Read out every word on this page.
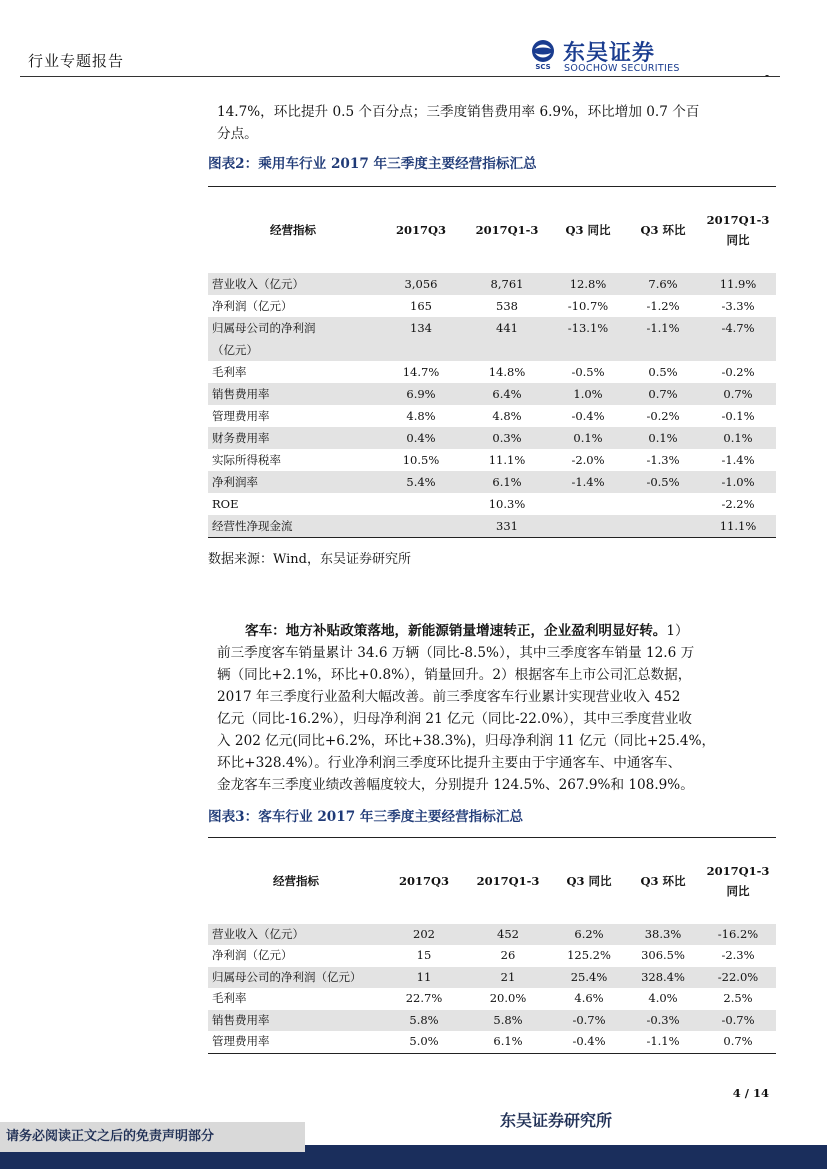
行业专题报告
-
SCS
东吴证券
SOOCHOW SECURITIES
14.7%，环比提升 0.5 个百分点；三季度销售费用率 6.9%，环比增加 0.7 个百
分点。
图表2：乘用车行业 2017 年三季度主要经营指标汇总
经营指标	2017Q3	2017Q1-3	Q3 同比	Q3 环比	2017Q1-3
同比

营业收入（亿元）	3,056	8,761	12.8%	7.6%	11.9%

净利润（亿元）	165	538	-10.7%	-1.2%	-3.3%

归属母公司的净利润
（亿元）	134	441	-13.1%	-1.1%	-4.7%

毛利率	14.7%	14.8%	-0.5%	0.5%	-0.2%

销售费用率	6.9%	6.4%	1.0%	0.7%	0.7%

管理费用率	4.8%	4.8%	-0.4%	-0.2%	-0.1%

财务费用率	0.4%	0.3%	0.1%	0.1%	0.1%

实际所得税率	10.5%	11.1%	-2.0%	-1.3%	-1.4%

净利润率	5.4%	6.1%	-1.4%	-0.5%	-1.0%

ROE		10.3%			-2.2%

经营性净现金流		331			11.1%
数据来源：Wind，东吴证券研究所
客车：地方补贴政策落地，新能源销量增速转正，企业盈利明显好转。1）
前三季度客车销量累计 34.6 万辆（同比-8.5%），其中三季度客车销量 12.6 万
辆（同比+2.1%，环比+0.8%），销量回升。2）根据客车上市公司汇总数据，
2017 年三季度行业盈利大幅改善。前三季度客车行业累计实现营业收入 452
亿元（同比-16.2%），归母净利润 21 亿元（同比-22.0%），其中三季度营业收
入 202 亿元(同比+6.2%，环比+38.3%)，归母净利润 11 亿元（同比+25.4%，
环比+328.4%）。行业净利润三季度环比提升主要由于宇通客车、中通客车、
金龙客车三季度业绩改善幅度较大，分别提升 124.5%、267.9%和 108.9%。
图表3：客车行业 2017 年三季度主要经营指标汇总
经营指标	2017Q3	2017Q1-3	Q3 同比	Q3 环比	2017Q1-3
同比

营业收入（亿元）	202	452	6.2%	38.3%	-16.2%

净利润（亿元）	15	26	125.2%	306.5%	-2.3%

归属母公司的净利润（亿元）	11	21	25.4%	328.4%	-22.0%

毛利率	22.7%	20.0%	4.6%	4.0%	2.5%

销售费用率	5.8%	5.8%	-0.7%	-0.3%	-0.7%

管理费用率	5.0%	6.1%	-0.4%	-1.1%	0.7%
4 / 14
东吴证券研究所
请务必阅读正文之后的免责声明部分
